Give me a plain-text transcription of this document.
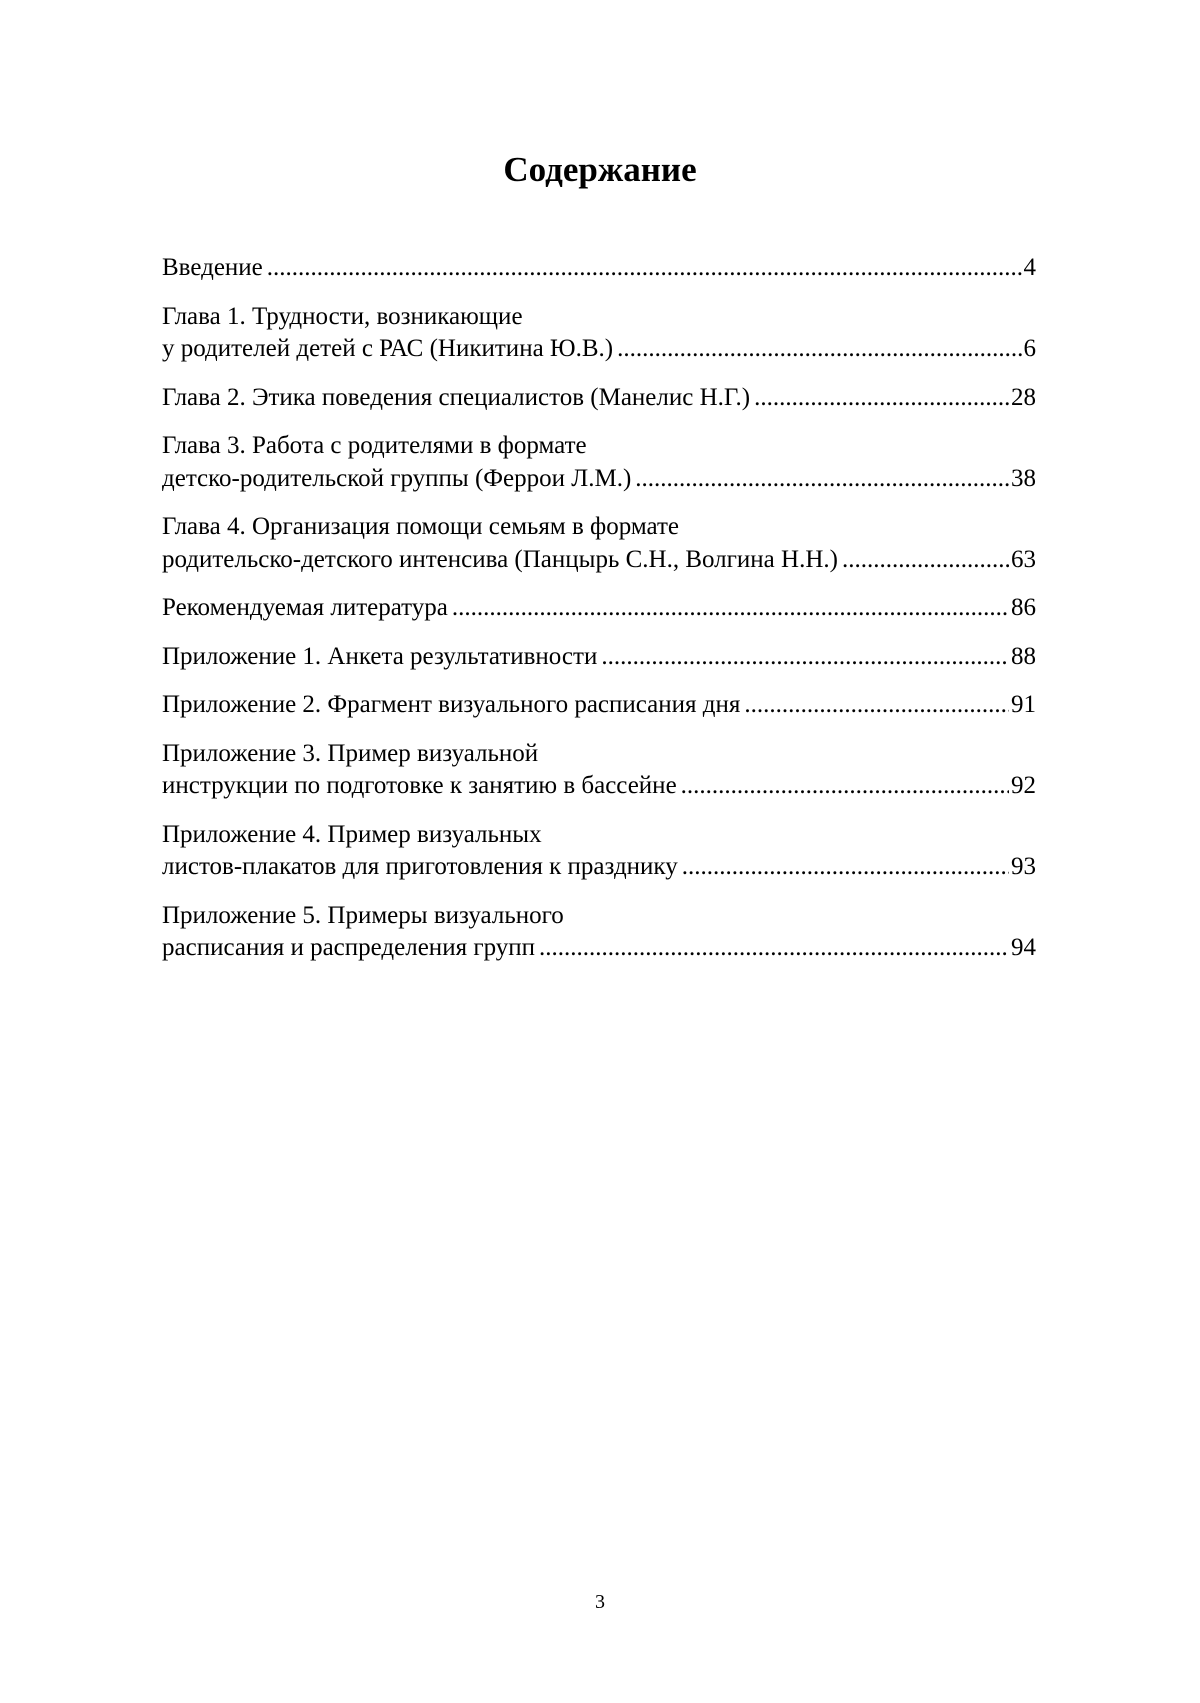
Содержание
Введение .....	4
Глава 1. Трудности, возникающие
у родителей детей с РАС (Никитина Ю.В.) .....	6
Глава 2. Этика поведения специалистов (Манелис Н.Г.) .....	28
Глава 3. Работа с родителями в формате
детско-родительской группы (Феррои Л.М.) .....	38
Глава 4. Организация помощи семьям в формате
родительско-детского интенсива (Панцырь С.Н., Волгина Н.Н.) .....	63
Рекомендуемая литература .....	86
Приложение 1. Анкета результативности .....	88
Приложение 2. Фрагмент визуального расписания дня .....	91
Приложение 3. Пример визуальной
инструкции по подготовке к занятию в бассейне .....	92
Приложение 4. Пример визуальных
листов-плакатов для приготовления к празднику .....	93
Приложение 5. Примеры визуального
расписания и распределения групп .....	94
3
